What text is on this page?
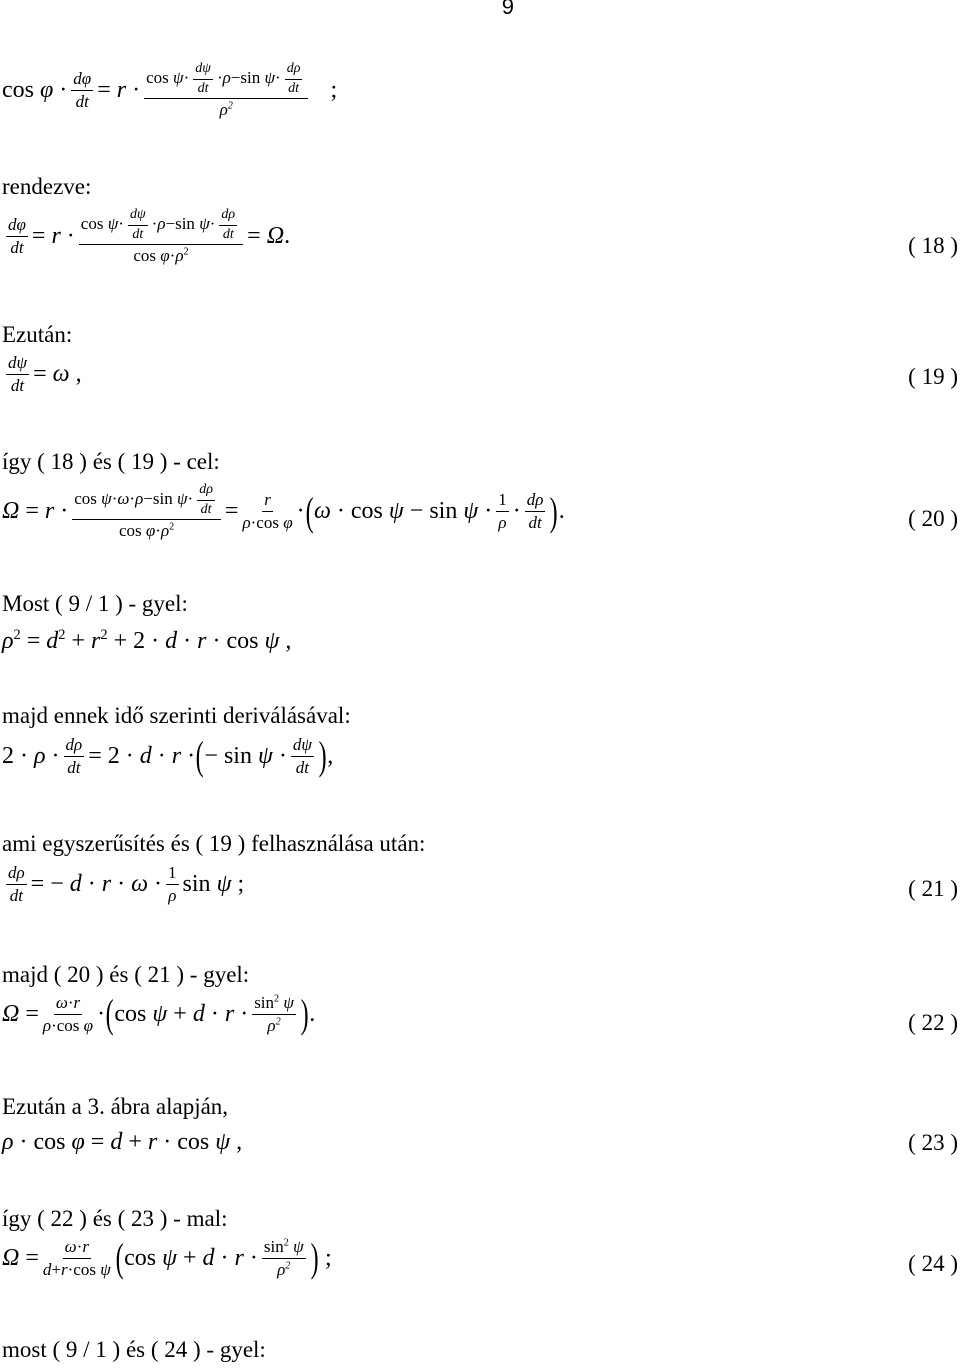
9
$\cos \varphi \cdot \frac{d\varphi}{dt} = r \cdot \frac{\cos \psi\cdot \frac{d\psi}{dt} \cdot\rho-\sin \psi\cdot \frac{d\rho}{dt}}{\rho^2}$ ;
rendezve:
$\frac{d\varphi}{dt} = r \cdot \frac{\cos \psi\cdot \frac{d\psi}{dt} \cdot\rho-\sin \psi\cdot \frac{d\rho}{dt}}{\cos \varphi\cdot\rho^2} = \Omega$.	( 18 )
Ezután:
$\frac{d\psi}{dt} = \omega$ ,	( 19 )
így ( 18 ) és ( 19 ) - cel:
$\Omega = r \cdot \frac{\cos \psi\cdot\omega\cdot\rho-\sin \psi\cdot \frac{d\rho}{dt}}{\cos \varphi\cdot\rho^2} = \frac{r}{\text{ρ·cos φ}}$ · ( $\omega \cdot \cos \psi - \sin \psi \cdot \frac{1}{\rho} \cdot \frac{d\rho}{dt}$ ) .	( 20 )
Most ( 9 / 1 ) - gyel:
$\rho^2 = d^2 + r^2 + 2 \cdot d \cdot r \cdot \cos \psi$ ,
majd ennek idő szerinti deriválásával:
$2 \cdot \rho \cdot \frac{d\rho}{dt} = 2 \cdot d \cdot r$ · ( − $\sin \psi \cdot \frac{d\psi}{dt}$ ) ,
ami egyszerűsítés és ( 19 ) felhasználása után:
$\frac{d\rho}{dt}$ = − $d \cdot r \cdot \omega \cdot \frac{1}{\rho}$ sin ψ ;	( 21 )
majd ( 20 ) és ( 21 ) - gyel:
$\Omega = \frac{\omega\cdot r}{\text{ρ·cos φ}}$ · ( $\cos \psi + d \cdot r \cdot \frac{\sin^2 \psi}{\rho^2}$ ) .	( 22 )
Ezután a 3. ábra alapján,
ρ · cos φ = d + r · cos ψ ,	( 23 )
így ( 22 ) és ( 23 ) - mal:
$\Omega = \frac{\omega\cdot r}{\text{d+r·cos ψ}}$ ( $\cos \psi + d \cdot r \cdot \frac{\sin^2 \psi}{\rho^2}$ ) ;	( 24 )
most ( 9 / 1 ) és ( 24 ) - gyel:
